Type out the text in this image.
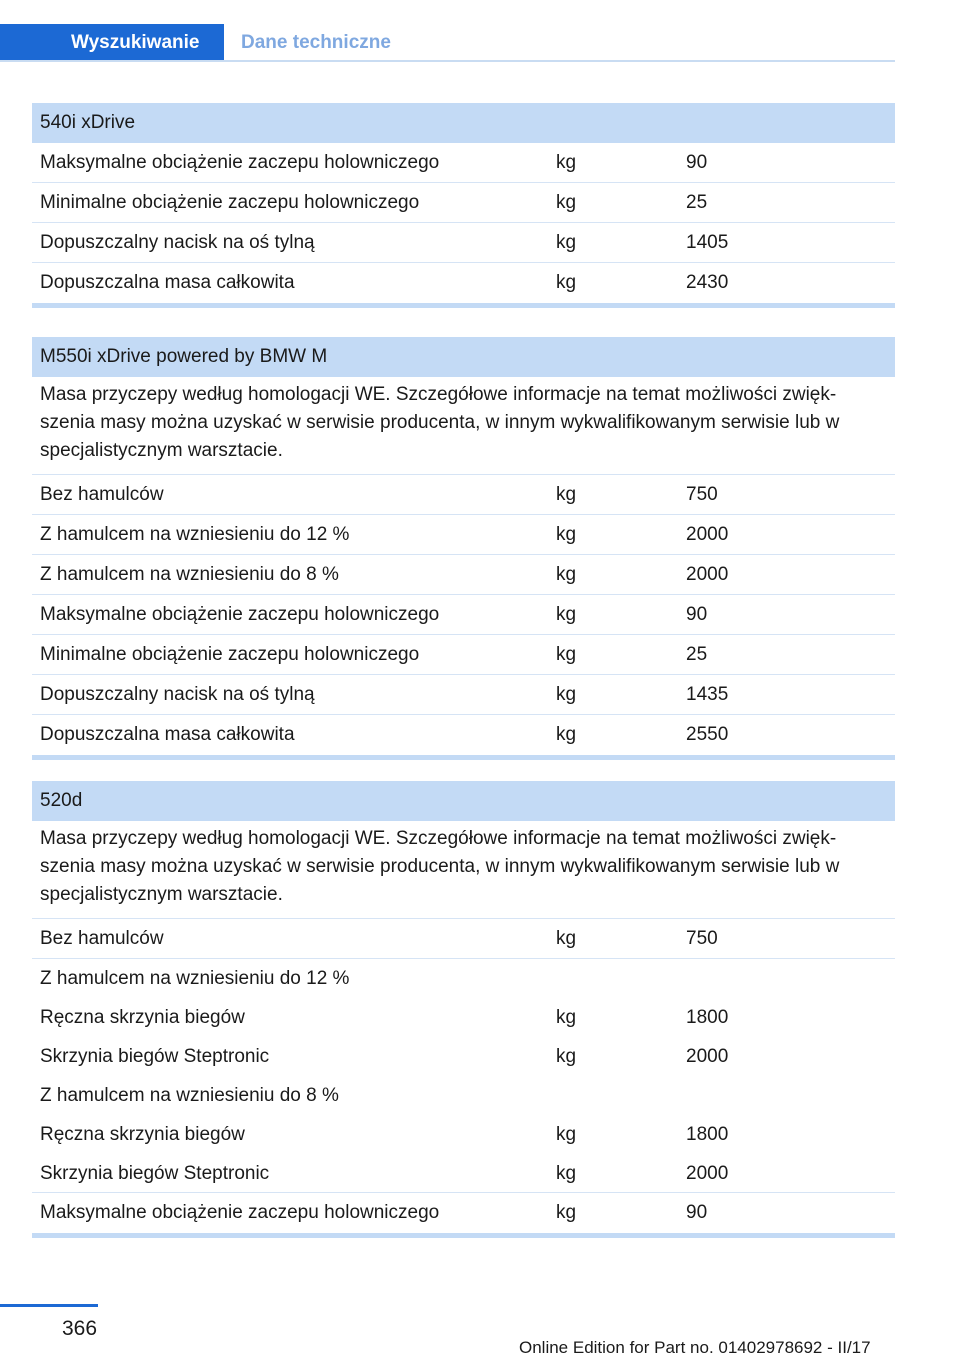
Wyszukiwanie	Dane techniczne
540i xDrive
Maksymalne obciążenie zaczepu holowniczego	kg	90
Minimalne obciążenie zaczepu holowniczego	kg	25
Dopuszczalny nacisk na oś tylną	kg	1405
Dopuszczalna masa całkowita	kg	2430
M550i xDrive powered by BMW M
Masa przyczepy według homologacji WE. Szczegółowe informacje na temat możliwości zwięk-szenia masy można uzyskać w serwisie producenta, w innym wykwalifikowanym serwisie lub w specjalistycznym warsztacie.
Bez hamulców	kg	750
Z hamulcem na wzniesieniu do 12 %	kg	2000
Z hamulcem na wzniesieniu do 8 %	kg	2000
Maksymalne obciążenie zaczepu holowniczego	kg	90
Minimalne obciążenie zaczepu holowniczego	kg	25
Dopuszczalny nacisk na oś tylną	kg	1435
Dopuszczalna masa całkowita	kg	2550
520d
Masa przyczepy według homologacji WE. Szczegółowe informacje na temat możliwości zwięk-szenia masy można uzyskać w serwisie producenta, w innym wykwalifikowanym serwisie lub w specjalistycznym warsztacie.
Bez hamulców	kg	750
Z hamulcem na wzniesieniu do 12 %
Ręczna skrzynia biegów	kg	1800
Skrzynia biegów Steptronic	kg	2000
Z hamulcem na wzniesieniu do 8 %
Ręczna skrzynia biegów	kg	1800
Skrzynia biegów Steptronic	kg	2000
Maksymalne obciążenie zaczepu holowniczego	kg	90
366
Online Edition for Part no. 01402978692 - II/17
